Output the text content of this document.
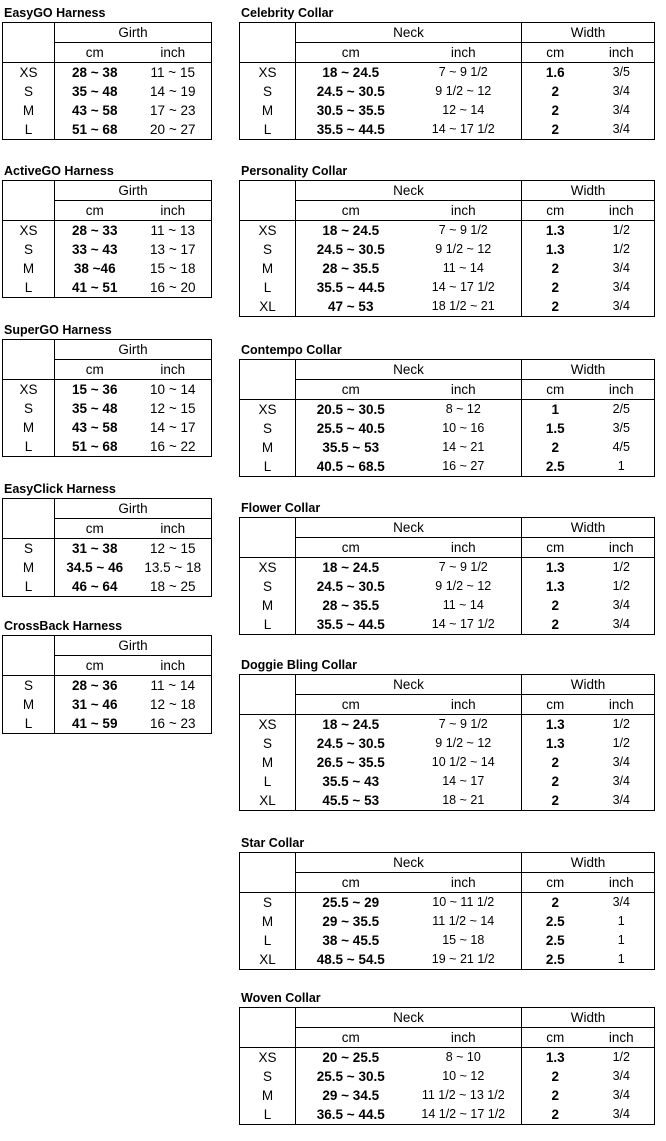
EasyGO Harness
	Girth	
	cm	inch
XS	28 ~ 38	11 ~ 15
S	35 ~ 48	14 ~ 19
M	43 ~ 58	17 ~ 23
L	51 ~ 68	20 ~ 27
ActiveGO Harness
	Girth	
	cm	inch
XS	28 ~ 33	11 ~ 13
S	33 ~ 43	13 ~ 17
M	38 ~46	15 ~ 18
L	41 ~ 51	16 ~ 20
SuperGO Harness
	Girth	
	cm	inch
XS	15 ~ 36	10 ~ 14
S	35 ~ 48	12 ~ 15
M	43 ~ 58	14 ~ 17
L	51 ~ 68	16 ~ 22
EasyClick Harness
	Girth	
	cm	inch
S	31 ~ 38	12 ~ 15
M	34.5 ~ 46	13.5 ~ 18
L	46 ~ 64	18 ~ 25
CrossBack Harness
	Girth	
	cm	inch
S	28 ~ 36	11 ~ 14
M	31 ~ 46	12 ~ 18
L	41 ~ 59	16 ~ 23
Celebrity Collar
	Neck		Width	
	cm	inch	cm	inch
XS	18 ~ 24.5	7 ~ 9 1/2	1.6	3/5
S	24.5 ~ 30.5	9 1/2 ~ 12	2	3/4
M	30.5 ~ 35.5	12 ~ 14	2	3/4
L	35.5 ~ 44.5	14 ~ 17 1/2	2	3/4
Personality Collar
	Neck		Width	
	cm	inch	cm	inch
XS	18 ~ 24.5	7 ~ 9 1/2	1.3	1/2
S	24.5 ~ 30.5	9 1/2 ~ 12	1.3	1/2
M	28 ~ 35.5	11 ~ 14	2	3/4
L	35.5 ~ 44.5	14 ~ 17 1/2	2	3/4
XL	47 ~ 53	18 1/2 ~ 21	2	3/4
Contempo Collar
	Neck		Width	
	cm	inch	cm	inch
XS	20.5 ~ 30.5	8 ~ 12	1	2/5
S	25.5 ~ 40.5	10 ~ 16	1.5	3/5
M	35.5 ~ 53	14 ~ 21	2	4/5
L	40.5 ~ 68.5	16 ~ 27	2.5	1
Flower Collar
	Neck		Width	
	cm	inch	cm	inch
XS	18 ~ 24.5	7 ~ 9 1/2	1.3	1/2
S	24.5 ~ 30.5	9 1/2 ~ 12	1.3	1/2
M	28 ~ 35.5	11 ~ 14	2	3/4
L	35.5 ~ 44.5	14 ~ 17 1/2	2	3/4
Doggie Bling Collar
	Neck		Width	
	cm	inch	cm	inch
XS	18 ~ 24.5	7 ~ 9 1/2	1.3	1/2
S	24.5 ~ 30.5	9 1/2 ~ 12	1.3	1/2
M	26.5 ~ 35.5	10 1/2 ~ 14	2	3/4
L	35.5 ~ 43	14 ~ 17	2	3/4
XL	45.5 ~ 53	18 ~ 21	2	3/4
Star Collar
	Neck		Width	
	cm	inch	cm	inch
S	25.5 ~ 29	10 ~ 11 1/2	2	3/4
M	29 ~ 35.5	11 1/2 ~ 14	2.5	1
L	38 ~ 45.5	15 ~ 18	2.5	1
XL	48.5 ~ 54.5	19 ~ 21 1/2	2.5	1
Woven Collar
	Neck		Width	
	cm	inch	cm	inch
XS	20 ~ 25.5	8 ~ 10	1.3	1/2
S	25.5 ~ 30.5	10 ~ 12	2	3/4
M	29 ~ 34.5	11 1/2 ~ 13 1/2	2	3/4
L	36.5 ~ 44.5	14 1/2 ~ 17 1/2	2	3/4
